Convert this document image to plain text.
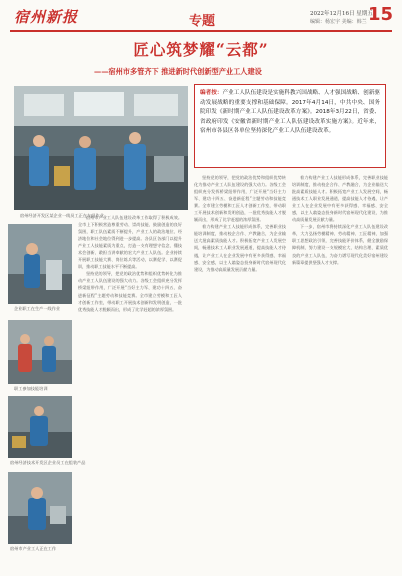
宿州新报	专题	2022年12月16日 星期五
编辑：杨宏宇 美编：韩兰 15
匠心筑梦耀“云都”
——宿州市多管齐下 推进新时代创新型产业工人建设
编者按：产业工人队伍建设是实施科教兴国战略、人才强国战略、创新驱动发展战略的重要支撑和基础保障。2017年4月14日，中共中央、国务院印发《新时期产业工人队伍建设改革方案》。2018年3月22日，省委、省政府印发《安徽省新时期产业工人队伍建设改革实施方案》。近年来，宿州市各县区各单位坚持深化产业工人队伍建设改革。
宿州经济开发区某企业一线员工正在车间作业
企业职工在生产一线作业
职工参加技能培训
宿州经济技术开发区企业员工在组装产品
宿州市产业工人正在工作

宿州市产业工人队伍建设改革工作取得了积极成效。全市上下积极营造尊重劳动、崇尚技能、鼓励创造的良好氛围，职工队伍素质不断提升，产业工人的政治地位、经济地位和社会地位得到进一步提高。各县区各部门以提升产业工人技能素质为重点，打造一支有理想守信念、懂技术会创新、敢担当讲奉献的宏大产业工人队伍。企业持续开展职工技能大赛、岗位练兵等活动，以赛促学、以赛促训，推动职工技能水平不断提高。

坚持党的领导，把党的政治优势和组织优势转化为推动产业工人队伍建设的强大动力。各级工会组织充分发挥桥梁纽带作用，广泛开展“当好主力军、建功十四五、奋进新征程”主题劳动和技能竞赛。全市建立劳模和工匠人才创新工作室，带动职工开展技术创新和发明创造，一批优秀技能人才脱颖而出，形成了比学赶超的浓厚氛围。

坚持党的领导，把党的政治优势和组织优势转化为推动产业工人队伍建设的强大动力。各级工会组织充分发挥桥梁纽带作用，广泛开展“当好主力军、建功十四五、奋进新征程”主题劳动和技能竞赛。全市建立劳模和工匠人才创新工作室，带动职工开展技术创新和发明创造，一批优秀技能人才脱颖而出，形成了比学赶超的浓厚氛围。

着力构建产业工人技能形成体系，完善职业技能培训制度，推动校企合作、产教融合，为企业输送大批高素质技能人才。积极拓宽产业工人发展空间，畅通技术工人职业发展通道，提高技能人才待遇，让产业工人在企业发展中有更多获得感、幸福感、安全感，以主人翁姿态投身新时代宿州现代化建设，为推动高质量发展贡献力量。

着力构建产业工人技能形成体系，完善职业技能培训制度，推动校企合作、产教融合，为企业输送大批高素质技能人才。积极拓宽产业工人发展空间，畅通技术工人职业发展通道，提高技能人才待遇，让产业工人在企业发展中有更多获得感、幸福感、安全感，以主人翁姿态投身新时代宿州现代化建设，为推动高质量发展贡献力量。

下一步，宿州市将持续深化产业工人队伍建设改革，大力弘扬劳模精神、劳动精神、工匠精神，加强职工思想政治引领，完善技能评价体系，健全激励保障机制，努力建设一支规模宏大、结构合理、素质优良的产业工人队伍，为奋力谱写现代化美好宿州建设新篇章提供坚强人才支撑。
